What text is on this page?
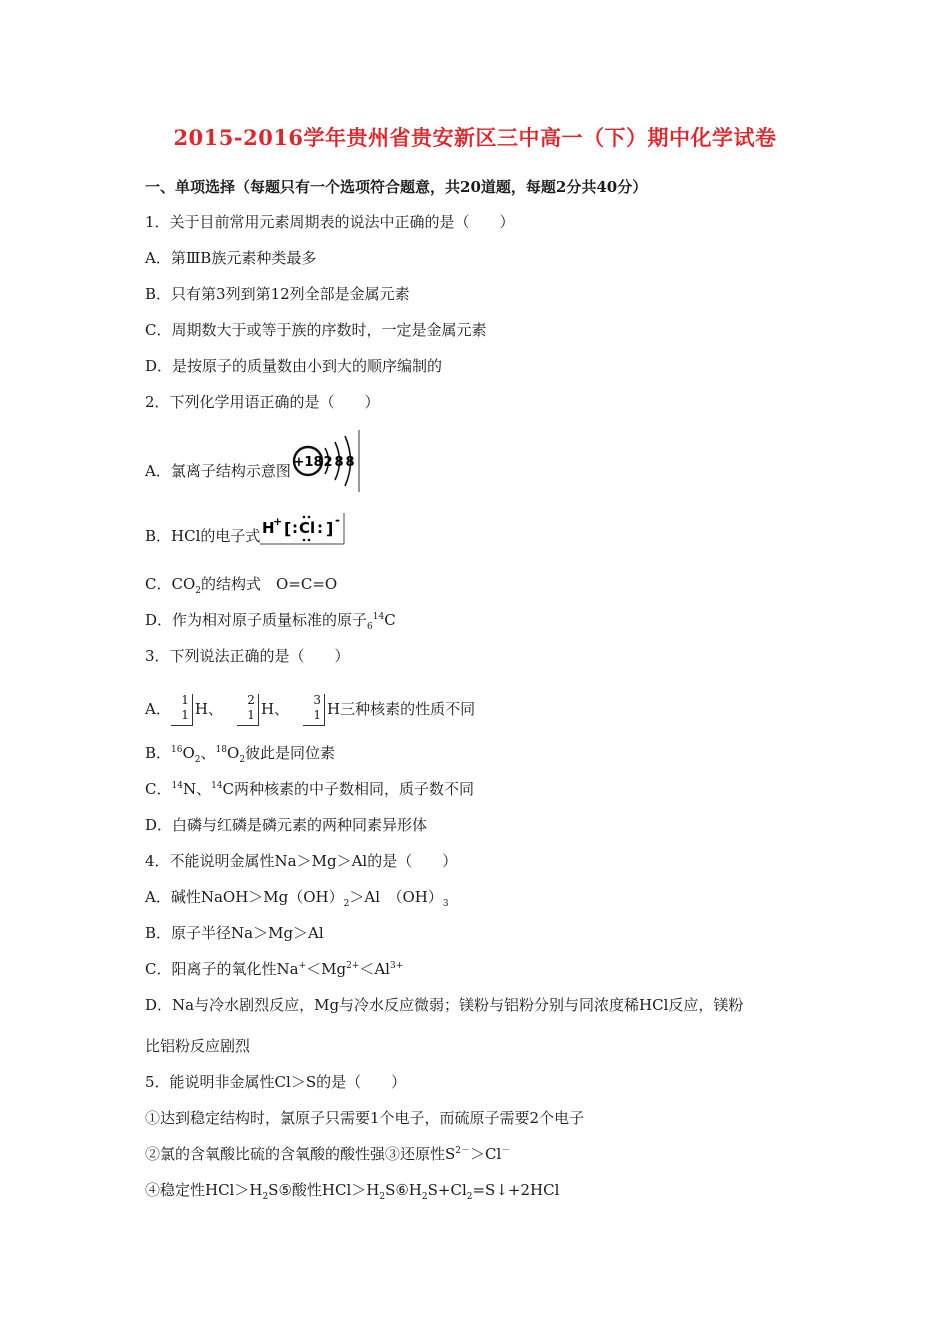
2015-2016学年贵州省贵安新区三中高一（下）期中化学试卷
一、单项选择（每题只有一个选项符合题意，共20道题，每题2分共40分）
1．关于目前常用元素周期表的说法中正确的是（　　）
A．第ⅢB族元素种类最多
B．只有第3列到第12列全部是金属元素
C．周期数大于或等于族的序数时，一定是金属元素
D．是按原子的质量数由小到大的顺序编制的
2．下列化学用语正确的是（　　）
A．氯离子结构示意图 +18 2 8 8
B．HCl的电子式 H
+ [ : Cl : ] -
C．$CO_2$的结构式　O=C=O
D．作为相对原子质量标准的原子$_6^{14}$C
3．下列说法正确的是（　　）
A． 1
1 H、 2
1 H、 3
1 H三种核素的性质不同
B．$^{16}O_2$、$^{18}O_2$彼此是同位素
C．$^{14}$N、$^{14}$C两种核素的中子数相同，质子数不同
D．白磷与红磷是磷元素的两种同素异形体
4．不能说明金属性Na＞Mg＞Al的是（　　）
A．碱性$NaOH>Mg(OH)_2>Al$　$(OH)_3$
B．原子半径Na＞Mg＞Al
C．阳离子的氧化性$Na^+<Mg^{2+}<Al^{3+}$
D．Na与冷水剧烈反应，Mg与冷水反应微弱；镁粉与铝粉分别与同浓度稀HCl反应，镁粉
比铝粉反应剧烈
5．能说明非金属性Cl＞S的是（　　）
①达到稳定结构时，氯原子只需要1个电子，而硫原子需要2个电子
②氯的含氧酸比硫的含氧酸的酸性强③还原性$S^{2-}>Cl^-$
④稳定性$HCl>H_2S⑤$酸性$HCl>H_2S⑥H_2S+Cl_2=S↓+2HCl$
